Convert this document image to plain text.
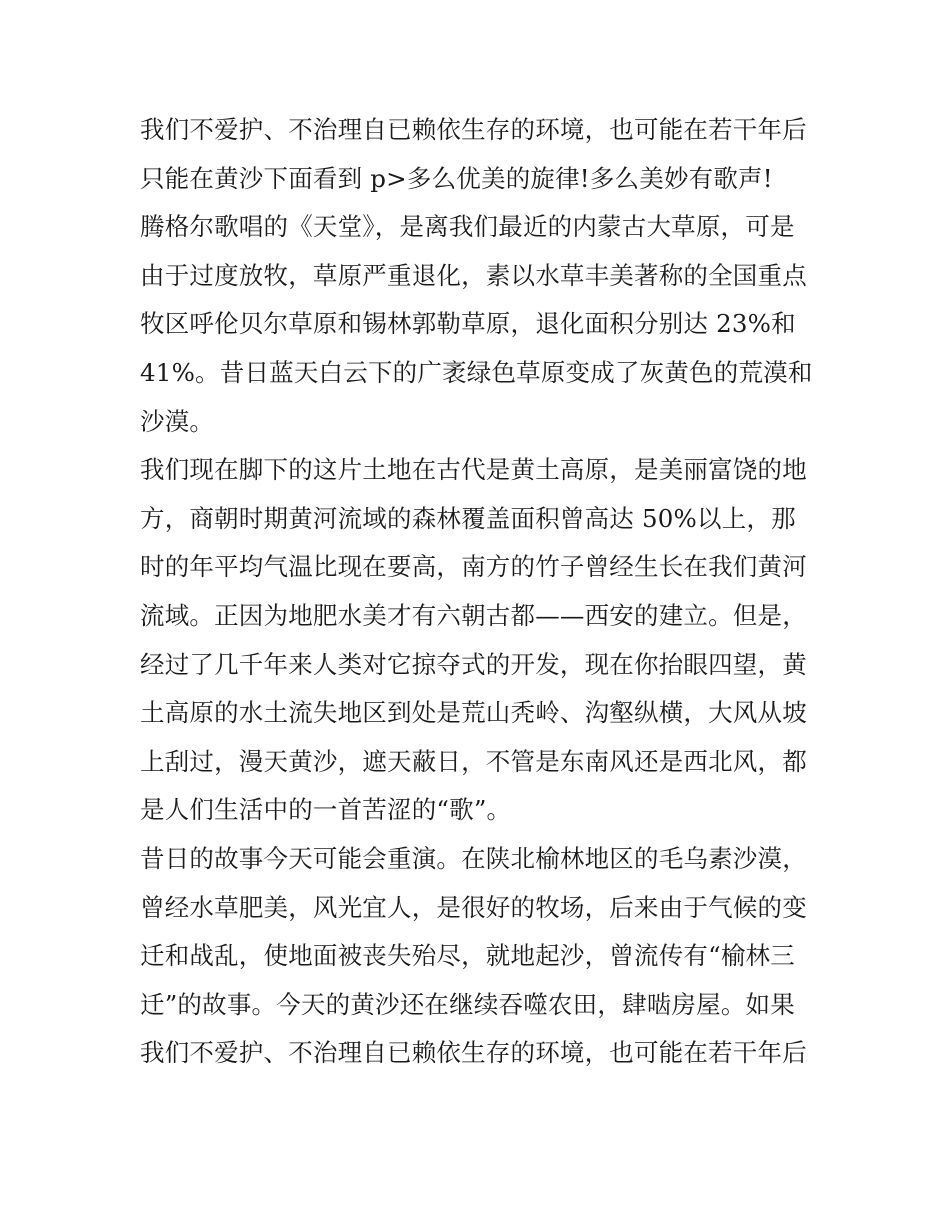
我们不爱护、不治理自已赖依生存的环境，也可能在若干年后
只能在黄沙下面看到 p>多么优美的旋律!多么美妙有歌声!
腾格尔歌唱的《天堂》，是离我们最近的内蒙古大草原，可是
由于过度放牧，草原严重退化，素以水草丰美著称的全国重点
牧区呼伦贝尔草原和锡林郭勒草原，退化面积分别达 23%和
41%。昔日蓝天白云下的广袤绿色草原变成了灰黄色的荒漠和
沙漠。
我们现在脚下的这片土地在古代是黄土高原，是美丽富饶的地
方，商朝时期黄河流域的森林覆盖面积曾高达 50%以上，那
时的年平均气温比现在要高，南方的竹子曾经生长在我们黄河
流域。正因为地肥水美才有六朝古都——西安的建立。但是，
经过了几千年来人类对它掠夺式的开发，现在你抬眼四望，黄
土高原的水土流失地区到处是荒山秃岭、沟壑纵横，大风从坡
上刮过，漫天黄沙，遮天蔽日，不管是东南风还是西北风，都
是人们生活中的一首苦涩的“歌”。
昔日的故事今天可能会重演。在陕北榆林地区的毛乌素沙漠，
曾经水草肥美，风光宜人，是很好的牧场，后来由于气候的变
迁和战乱，使地面被丧失殆尽，就地起沙，曾流传有“榆林三
迁”的故事。今天的黄沙还在继续吞噬农田，肆啮房屋。如果
我们不爱护、不治理自已赖依生存的环境，也可能在若干年后
